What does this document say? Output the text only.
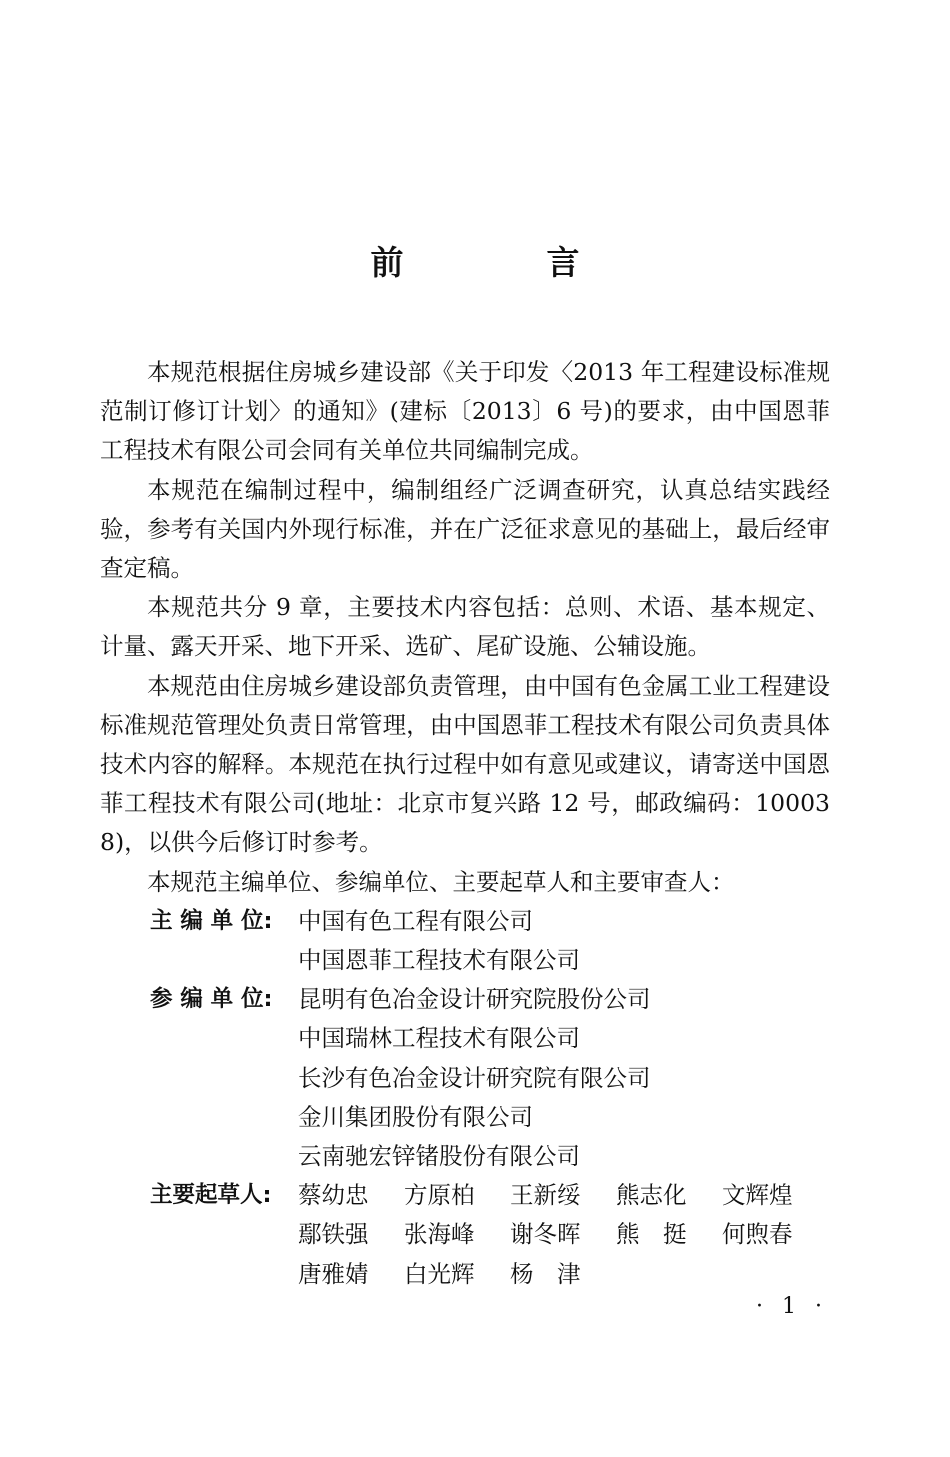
前　言

本规范根据住房城乡建设部《关于印发〈2013 年工程建设标准规范制订修订计划〉的通知》(建标〔2013〕6 号)的要求，由中国恩菲工程技术有限公司会同有关单位共同编制完成。

本规范在编制过程中，编制组经广泛调查研究，认真总结实践经验，参考有关国内外现行标准，并在广泛征求意见的基础上，最后经审查定稿。

本规范共分 9 章，主要技术内容包括：总则、术语、基本规定、计量、露天开采、地下开采、选矿、尾矿设施、公辅设施。

本规范由住房城乡建设部负责管理，由中国有色金属工业工程建设标准规范管理处负责日常管理，由中国恩菲工程技术有限公司负责具体技术内容的解释。本规范在执行过程中如有意见或建议，请寄送中国恩菲工程技术有限公司(地址：北京市复兴路 12 号，邮政编码：100038)，以供今后修订时参考。

本规范主编单位、参编单位、主要起草人和主要审查人：

主 编 单 位:	中国有色工程有限公司
中国恩菲工程技术有限公司
参 编 单 位:	昆明有色冶金设计研究院股份公司
中国瑞林工程技术有限公司
长沙有色冶金设计研究院有限公司
金川集团股份有限公司
云南驰宏锌锗股份有限公司
主要起草人:	蔡幼忠	方原柏	王新绥	熊志化	文辉煌
鄢铁强	张海峰	谢冬晖	熊　挺	何煦春
唐雅婧	白光辉	杨　津
· 1 ·
